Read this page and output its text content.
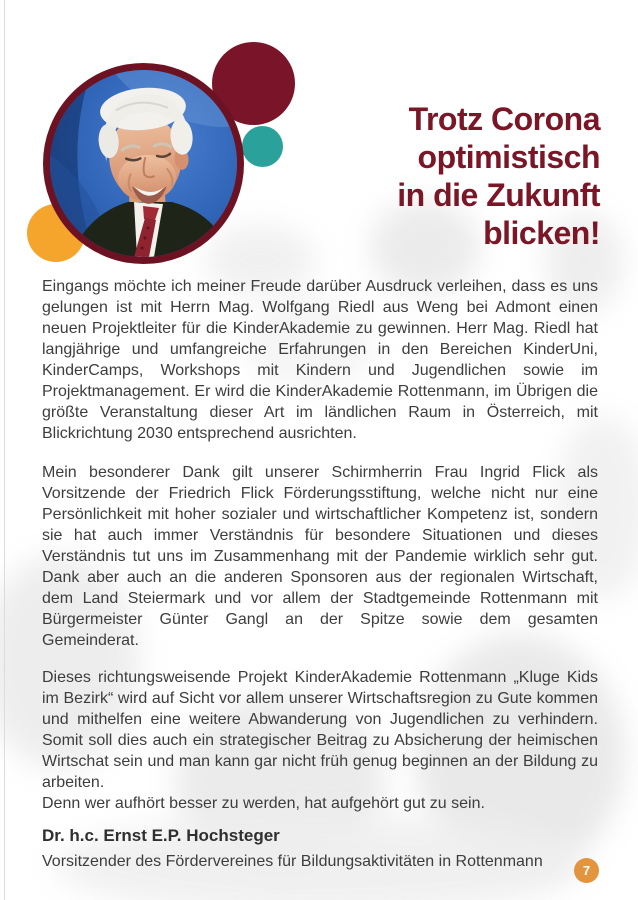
Trotz Corona
optimistisch
in die Zukunft
blicken!

Eingangs möchte ich meiner Freude darüber Ausdruck verleihen, dass es uns gelungen ist mit Herrn Mag. Wolfgang Riedl aus Weng bei Admont einen neuen Projektleiter für die KinderAkademie zu gewinnen. Herr Mag. Riedl hat langjährige und umfangreiche Erfahrungen in den Bereichen KinderUni, KinderCamps, Workshops mit Kindern und Jugendlichen sowie im Projektmanagement. Er wird die KinderAkademie Rottenmann, im Übrigen die größte Veranstaltung dieser Art im ländlichen Raum in Österreich, mit Blickrichtung 2030 entsprechend ausrichten.

Mein besonderer Dank gilt unserer Schirmherrin Frau Ingrid Flick als Vorsitzende der Friedrich Flick Förderungsstiftung, welche nicht nur eine Persönlichkeit mit hoher sozialer und wirtschaftlicher Kompetenz ist, sondern sie hat auch immer Verständnis für besondere Situationen und dieses Verständnis tut uns im Zusammenhang mit der Pandemie wirklich sehr gut. Dank aber auch an die anderen Sponsoren aus der regionalen Wirtschaft, dem Land Steiermark und vor allem der Stadtgemeinde Rottenmann mit Bürgermeister Günter Gangl an der Spitze sowie dem gesamten Gemeinderat.

Dieses richtungsweisende Projekt KinderAkademie Rottenmann „Kluge Kids im Bezirk“ wird auf Sicht vor allem unserer Wirtschaftsregion zu Gute kommen und mithelfen eine weitere Abwanderung von Jugendlichen zu verhindern. Somit soll dies auch ein strategischer Beitrag zu Absicherung der heimischen Wirtschat sein und man kann gar nicht früh genug beginnen an der Bildung zu arbeiten.

Denn wer aufhört besser zu werden, hat aufgehört gut zu sein.

Dr. h.c. Ernst E.P. Hochsteger
Vorsitzender des Fördervereines für Bildungsaktivitäten in Rottenmann
7
